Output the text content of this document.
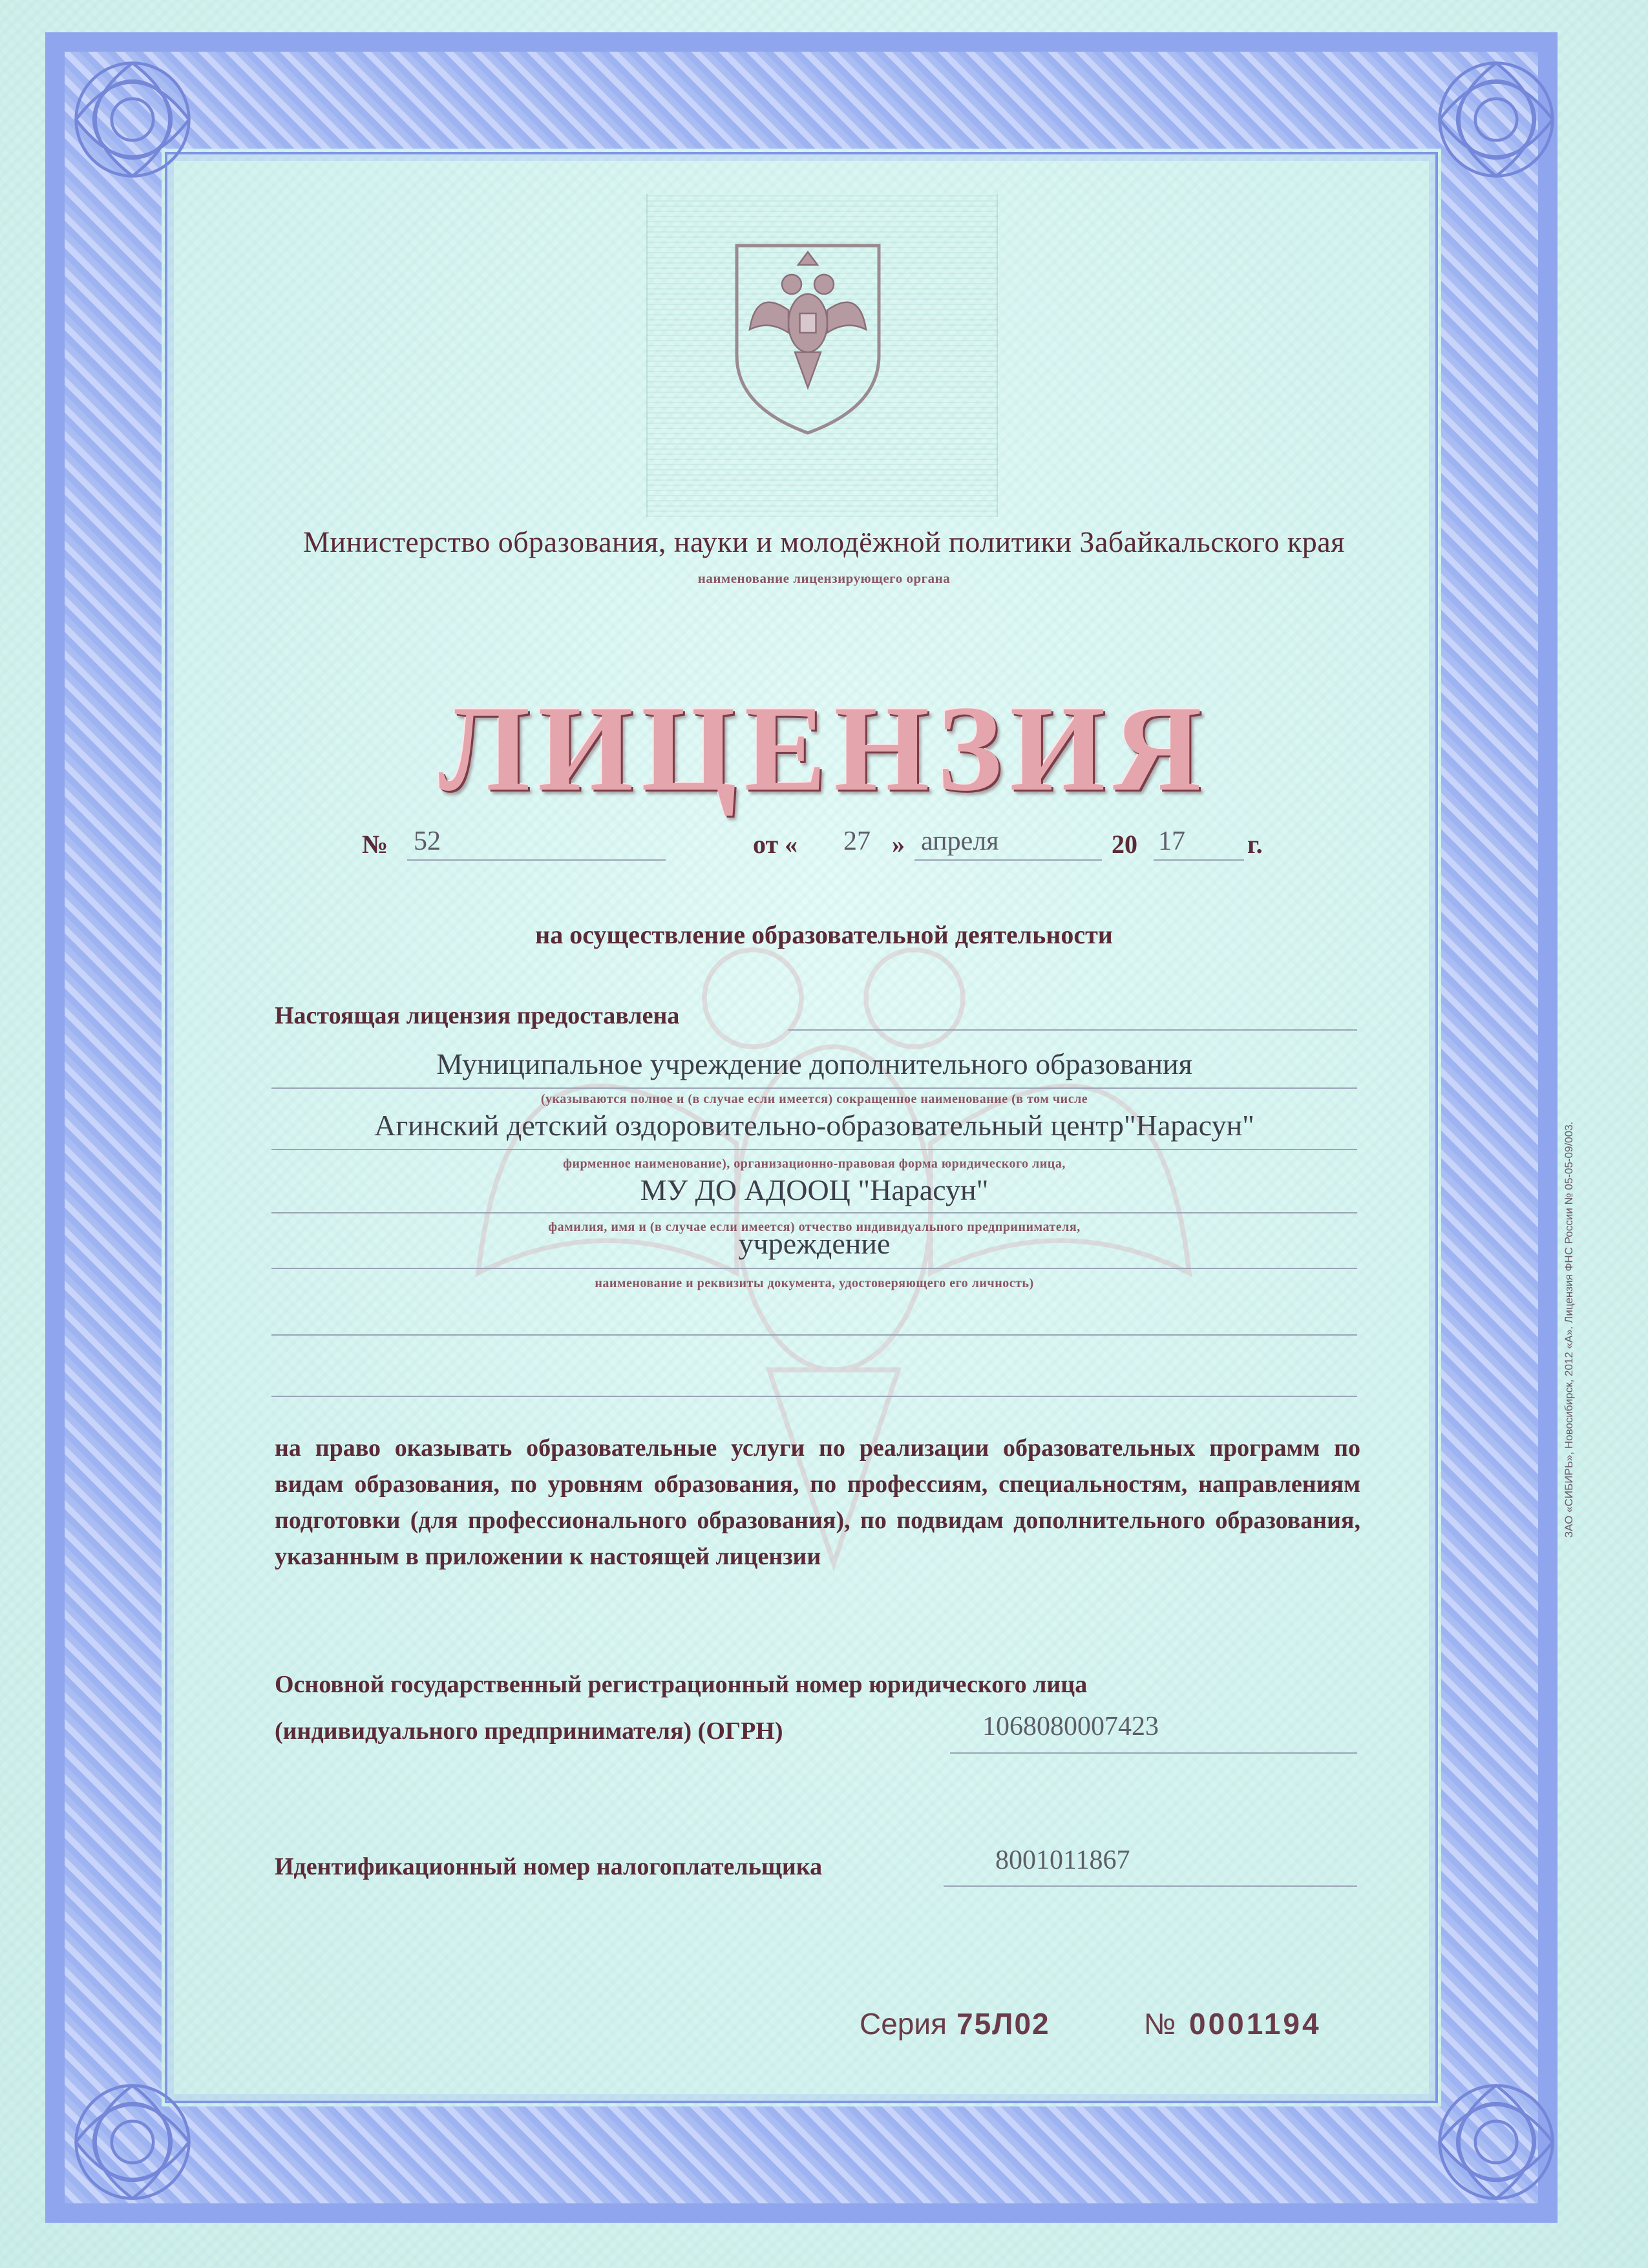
Министерство образования, науки и молодёжной политики Забайкальского края
наименование лицензирующего органа
ЛИЦЕНЗИЯ
№ 52	от « 27 » апреля	20 17 г.
на осуществление образовательной деятельности
Настоящая лицензия предоставлена
Муниципальное учреждение дополнительного образования
(указываются полное и (в случае если имеется) сокращенное наименование (в том числе
Агинский детский оздоровительно-образовательный центр"Нарасун"
фирменное наименование), организационно-правовая форма юридического лица,
МУ ДО АДООЦ "Нарасун"
фамилия, имя и (в случае если имеется) отчество индивидуального предпринимателя,
учреждение
наименование и реквизиты документа, удостоверяющего его личность)
на право оказывать образовательные услуги по реализации образовательных программ по видам образования, по уровням образования, по профессиям, специальностям, направлениям подготовки (для профессионального образования), по подвидам дополнительного образования, указанным в приложении к настоящей лицензии
Основной государственный регистрационный номер юридического лица
(индивидуального предпринимателя) (ОГРН)	1068080007423
Идентификационный номер налогоплательщика	8001011867
Серия 75Л02	№ 0001194
ЗАО «СИБИРЬ», Новосибирск, 2012 «А». Лицензия ФНС России № 05-05-09/003.
